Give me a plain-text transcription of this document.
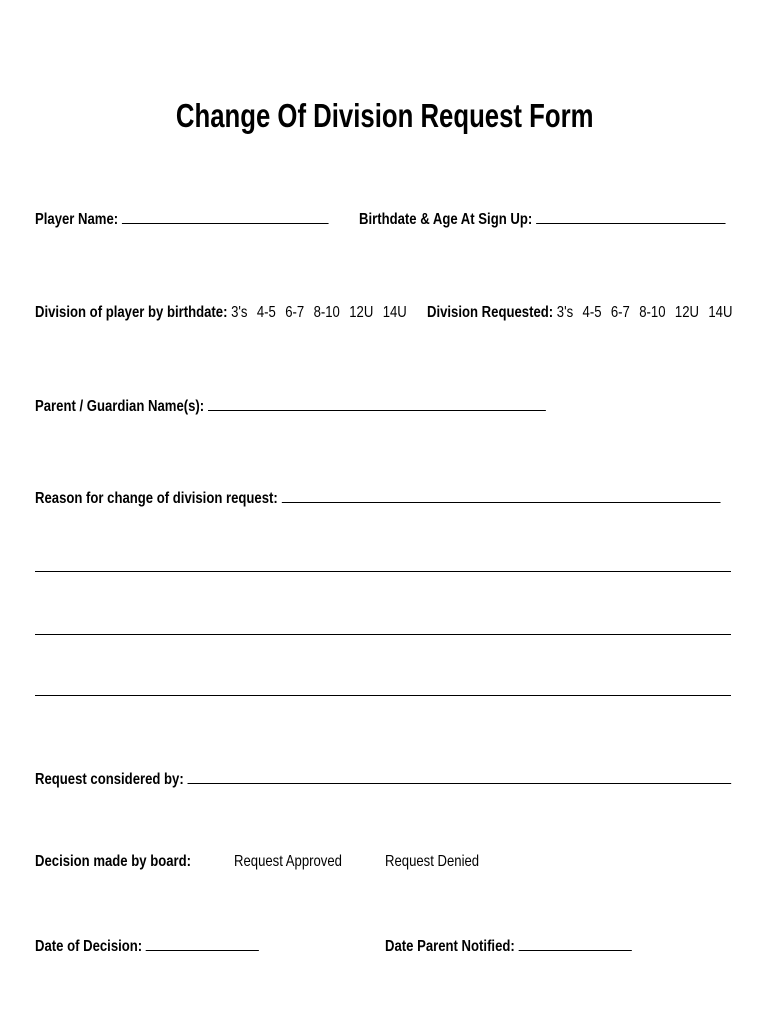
Change Of Division Request Form
Player Name:	Birthdate & Age At Sign Up:
Division of player by birthdate: 3's 4-5 6-7 8-10 12U 14U	Division Requested: 3's 4-5 6-7 8-10 12U 14U
Parent / Guardian Name(s):
Reason for change of division request:
Request considered by:
Decision made by board:	Request Approved	Request Denied
Date of Decision:	Date Parent Notified:
